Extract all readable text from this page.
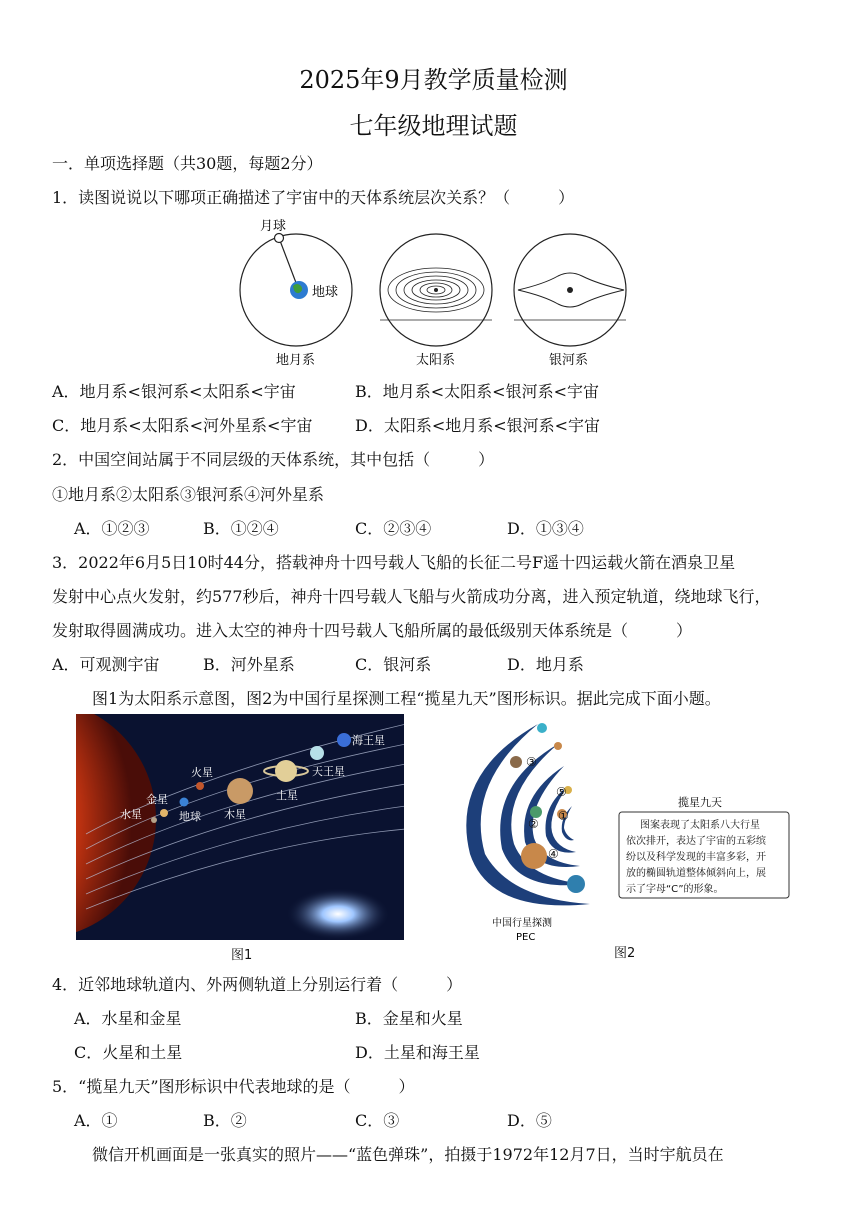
2025年9月教学质量检测
七年级地理试题
一．单项选择题（共30题，每题2分）
1．读图说说以下哪项正确描述了宇宙中的天体系统层次关系？（　　　）
月球
地球
地月系	太阳系	银河系
A．地月系<银河系<太阳系<宇宙	B．地月系<太阳系<银河系<宇宙
C．地月系<太阳系<河外星系<宇宙	D．太阳系<地月系<银河系<宇宙
2．中国空间站属于不同层级的天体系统，其中包括（　　　）
①地月系②太阳系③银河系④河外星系
A．①②③	B．①②④	C．②③④	D．①③④
3．2022年6月5日10时44分，搭载神舟十四号载人飞船的长征二号F遥十四运载火箭在酒泉卫星
发射中心点火发射，约577秒后，神舟十四号载人飞船与火箭成功分离，进入预定轨道，绕地球飞行，
发射取得圆满成功。进入太空的神舟十四号载人飞船所属的最低级别天体系统是（　　　）
A．可观测宇宙	B．河外星系	C．银河系	D．地月系
图1为太阳系示意图，图2为中国行星探测工程“揽星九天”图形标识。据此完成下面小题。
水星
金星
地球
火星
木星
土星
天王星
海王星
图1
③
⑤
①
②
④
中国行星探测
PEC
揽星九天
图案表现了太阳系八大行星
依次排开，表达了宇宙的五彩缤
纷以及科学发现的丰富多彩，开
放的椭圆轨道整体倾斜向上，展
示了字母“C”的形象。
图2
4．近邻地球轨道内、外两侧轨道上分别运行着（　　　）
A．水星和金星	B．金星和火星
C．火星和土星	D．土星和海王星
5．“揽星九天”图形标识中代表地球的是（　　　）
A．①	B．②	C．③	D．⑤
微信开机画面是一张真实的照片——“蓝色弹珠”，拍摄于1972年12月7日，当时宇航员在
